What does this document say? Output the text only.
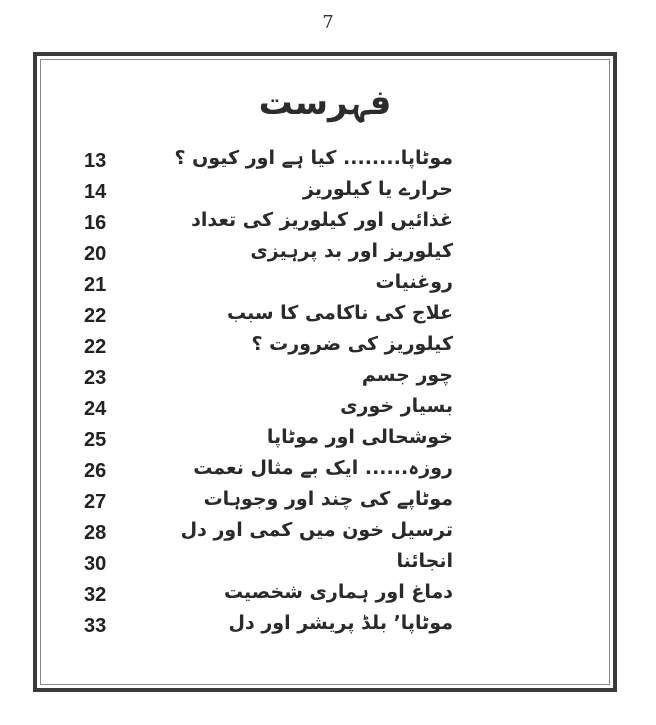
7
فہرست
13	موٹاپا........ کیا ہے اور کیوں ؟
14	حرارے یا کیلوریز
16	غذائیں اور کیلوریز کی تعداد
20	کیلوریز اور بد پرہیزی
21	روغنیات
22	علاج کی ناکامی کا سبب
22	کیلوریز کی ضرورت ؟
23	چور جسم
24	بسیار خوری
25	خوشحالی اور موٹاپا
26	روزہ...... ایک بے مثال نعمت
27	موٹاپے کی چند اور وجوہات
28	ترسیل خون میں کمی اور دل
30	انجائنا
32	دماغ اور ہماری شخصیت
33	موٹاپا٬ بلڈ پریشر اور دل
